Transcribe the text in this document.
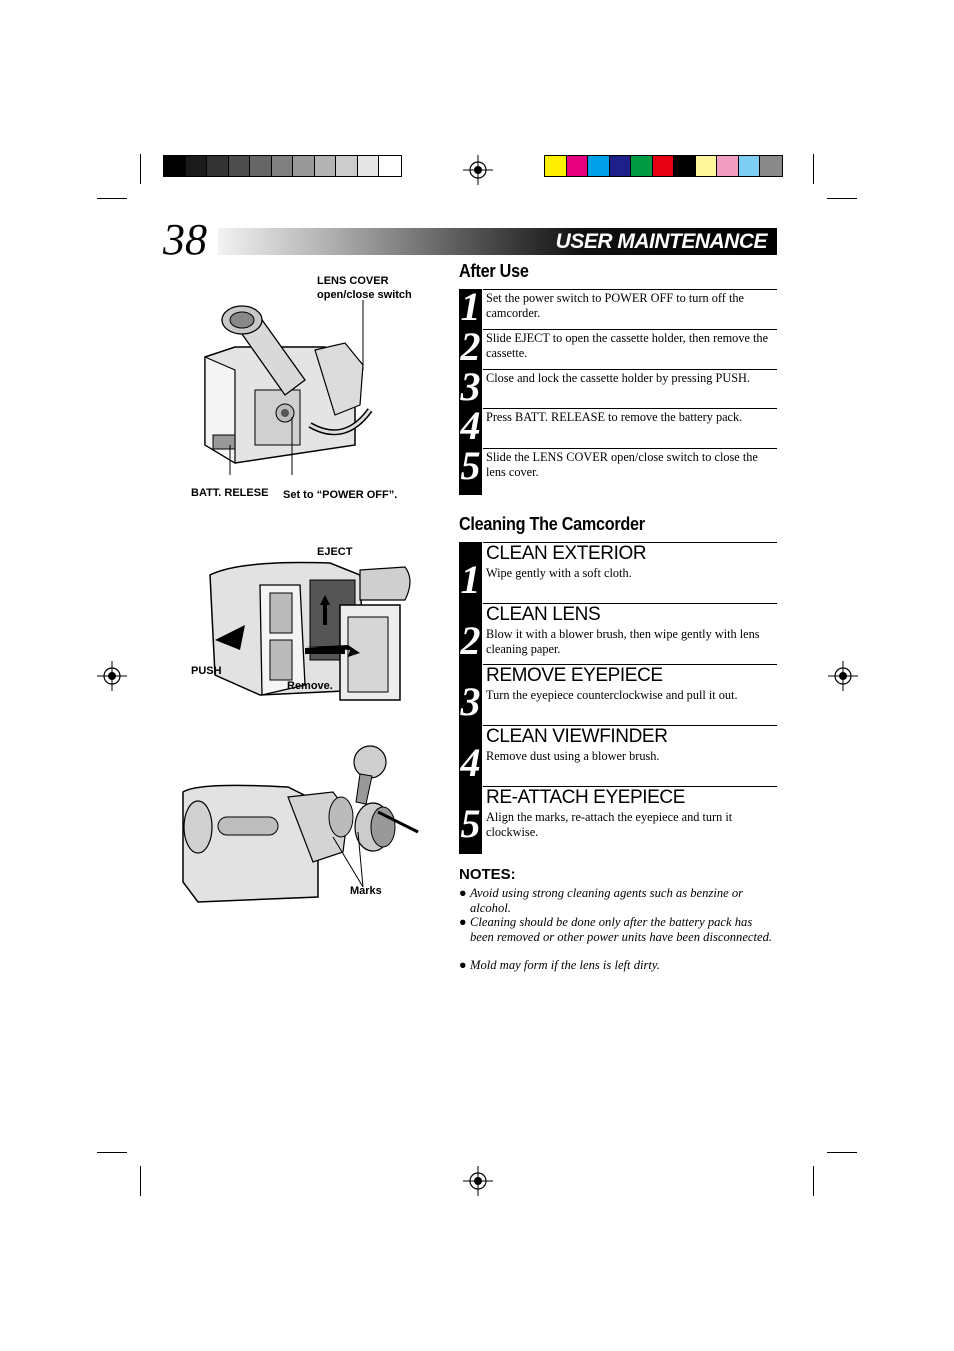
38	USER MAINTENANCE
LENS COVER
open/close switch
BATT. RELESE Set to “POWER OFF”.
EJECT
PUSH
Remove.
Marks
After Use
1 Set the power switch to POWER OFF to turn off the camcorder.
2 Slide EJECT to open the cassette holder, then remove the cassette.
3 Close and lock the cassette holder by pressing PUSH.
4 Press BATT. RELEASE to remove the battery pack.
5 Slide the LENS COVER open/close switch to close the lens cover.
Cleaning The Camcorder
1
CLEAN EXTERIOR
Wipe gently with a soft cloth.
2
CLEAN LENS
Blow it with a blower brush, then wipe gently with lens cleaning paper.
3
REMOVE EYEPIECE
Turn the eyepiece counterclockwise and pull it out.
4
CLEAN VIEWFINDER
Remove dust using a blower brush.
5
RE-ATTACH EYEPIECE
Align the marks, re-attach the eyepiece and turn it clockwise.
NOTES:
● Avoid using strong cleaning agents such as benzine or alcohol.
● Cleaning should be done only after the battery pack has been removed or other power units have been disconnected.
● Mold may form if the lens is left dirty.
